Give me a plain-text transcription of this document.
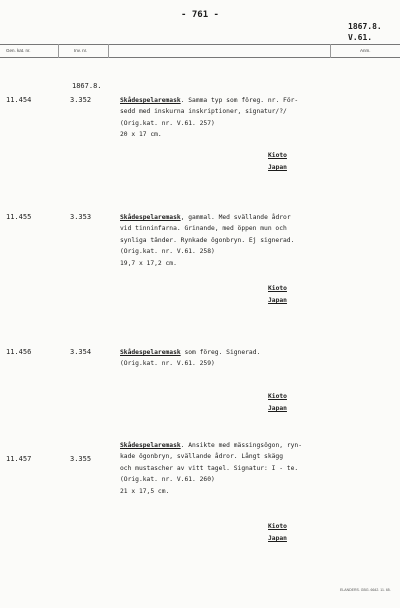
- 761 -
1867.8.
V.61.
Gen. kat. nr.	Inv. nr.	Anm.
1867.8.
11.454	3.352	Skådespelaremask. Samma typ som föreg. nr. För-
sedd med inskurna inskriptioner, signatur/?/
(Orig.kat. nr. V.61. 257)
20 x 17 cm.
Kioto
Japan
11.455	3.353	Skådespelaremask, gammal. Med svällande ådror
vid tinninfarna. Grinande, med öppen mun och
synliga tänder. Rynkade ögonbryn. Ej signerad.
(Orig.kat. nr. V.61. 258)
19,7 x 17,2 cm.
Kioto
Japan
11.456	3.354	Skådespelaremask som föreg. Signerad.
(Orig.kat. nr. V.61. 259)
Kioto
Japan
11.457	3.355
Skådespelaremask. Ansikte med mässingsögon, ryn-
kade ögonbryn, svällande ådror. Långt skägg
och mustascher av vitt tagel. Signatur: I - te.
(Orig.kat. nr. V.61. 260)
21 x 17,5 cm.
Kioto
Japan
ELANDERS. GBG. 6642. 11. 65.
